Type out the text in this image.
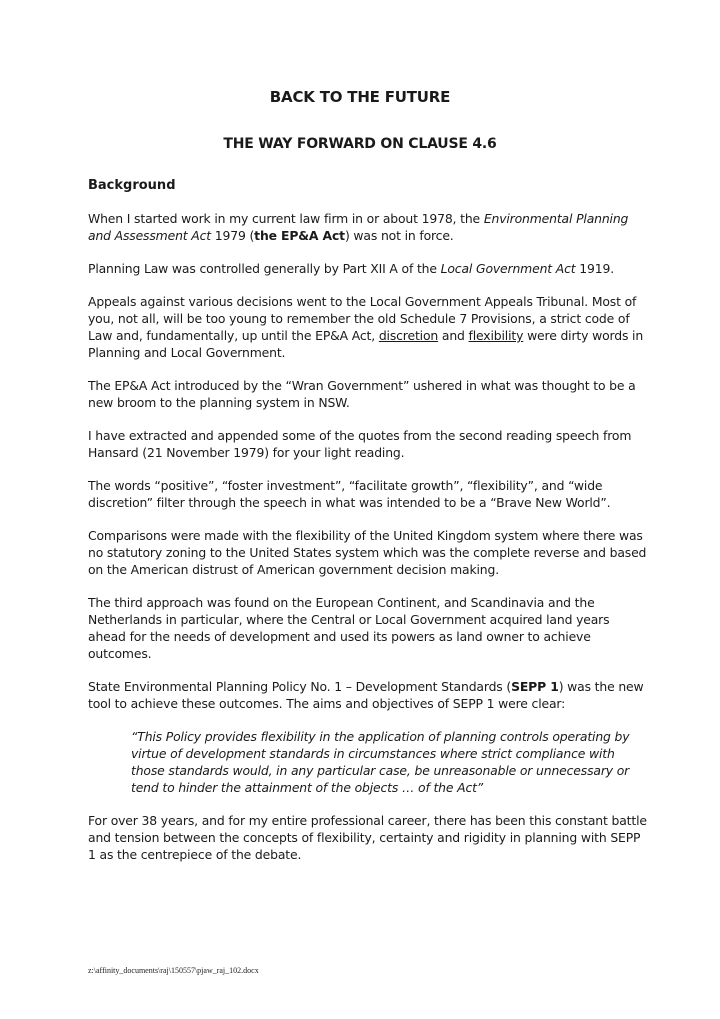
BACK TO THE FUTURE
THE WAY FORWARD ON CLAUSE 4.6
Background

When I started work in my current law firm in or about 1978, the Environmental Planning and Assessment Act 1979 (the EP&A Act) was not in force.

Planning Law was controlled generally by Part XII A of the Local Government Act 1919.

Appeals against various decisions went to the Local Government Appeals Tribunal. Most of you, not all, will be too young to remember the old Schedule 7 Provisions, a strict code of Law and, fundamentally, up until the EP&A Act, discretion and flexibility were dirty words in Planning and Local Government.

The EP&A Act introduced by the “Wran Government” ushered in what was thought to be a new broom to the planning system in NSW.

I have extracted and appended some of the quotes from the second reading speech from Hansard (21 November 1979) for your light reading.

The words “positive”, “foster investment”, “facilitate growth”, “flexibility”, and “wide discretion” filter through the speech in what was intended to be a “Brave New World”.

Comparisons were made with the flexibility of the United Kingdom system where there was no statutory zoning to the United States system which was the complete reverse and based on the American distrust of American government decision making.

The third approach was found on the European Continent, and Scandinavia and the Netherlands in particular, where the Central or Local Government acquired land years ahead for the needs of development and used its powers as land owner to achieve outcomes.

State Environmental Planning Policy No. 1 – Development Standards (SEPP 1) was the new tool to achieve these outcomes. The aims and objectives of SEPP 1 were clear:

“This Policy provides flexibility in the application of planning controls operating by virtue of development standards in circumstances where strict compliance with those standards would, in any particular case, be unreasonable or unnecessary or tend to hinder the attainment of the objects … of the Act”

For over 38 years, and for my entire professional career, there has been this constant battle and tension between the concepts of flexibility, certainty and rigidity in planning with SEPP 1 as the centrepiece of the debate.

z:\affinity_documents\raj\150557\pjaw_raj_102.docx
